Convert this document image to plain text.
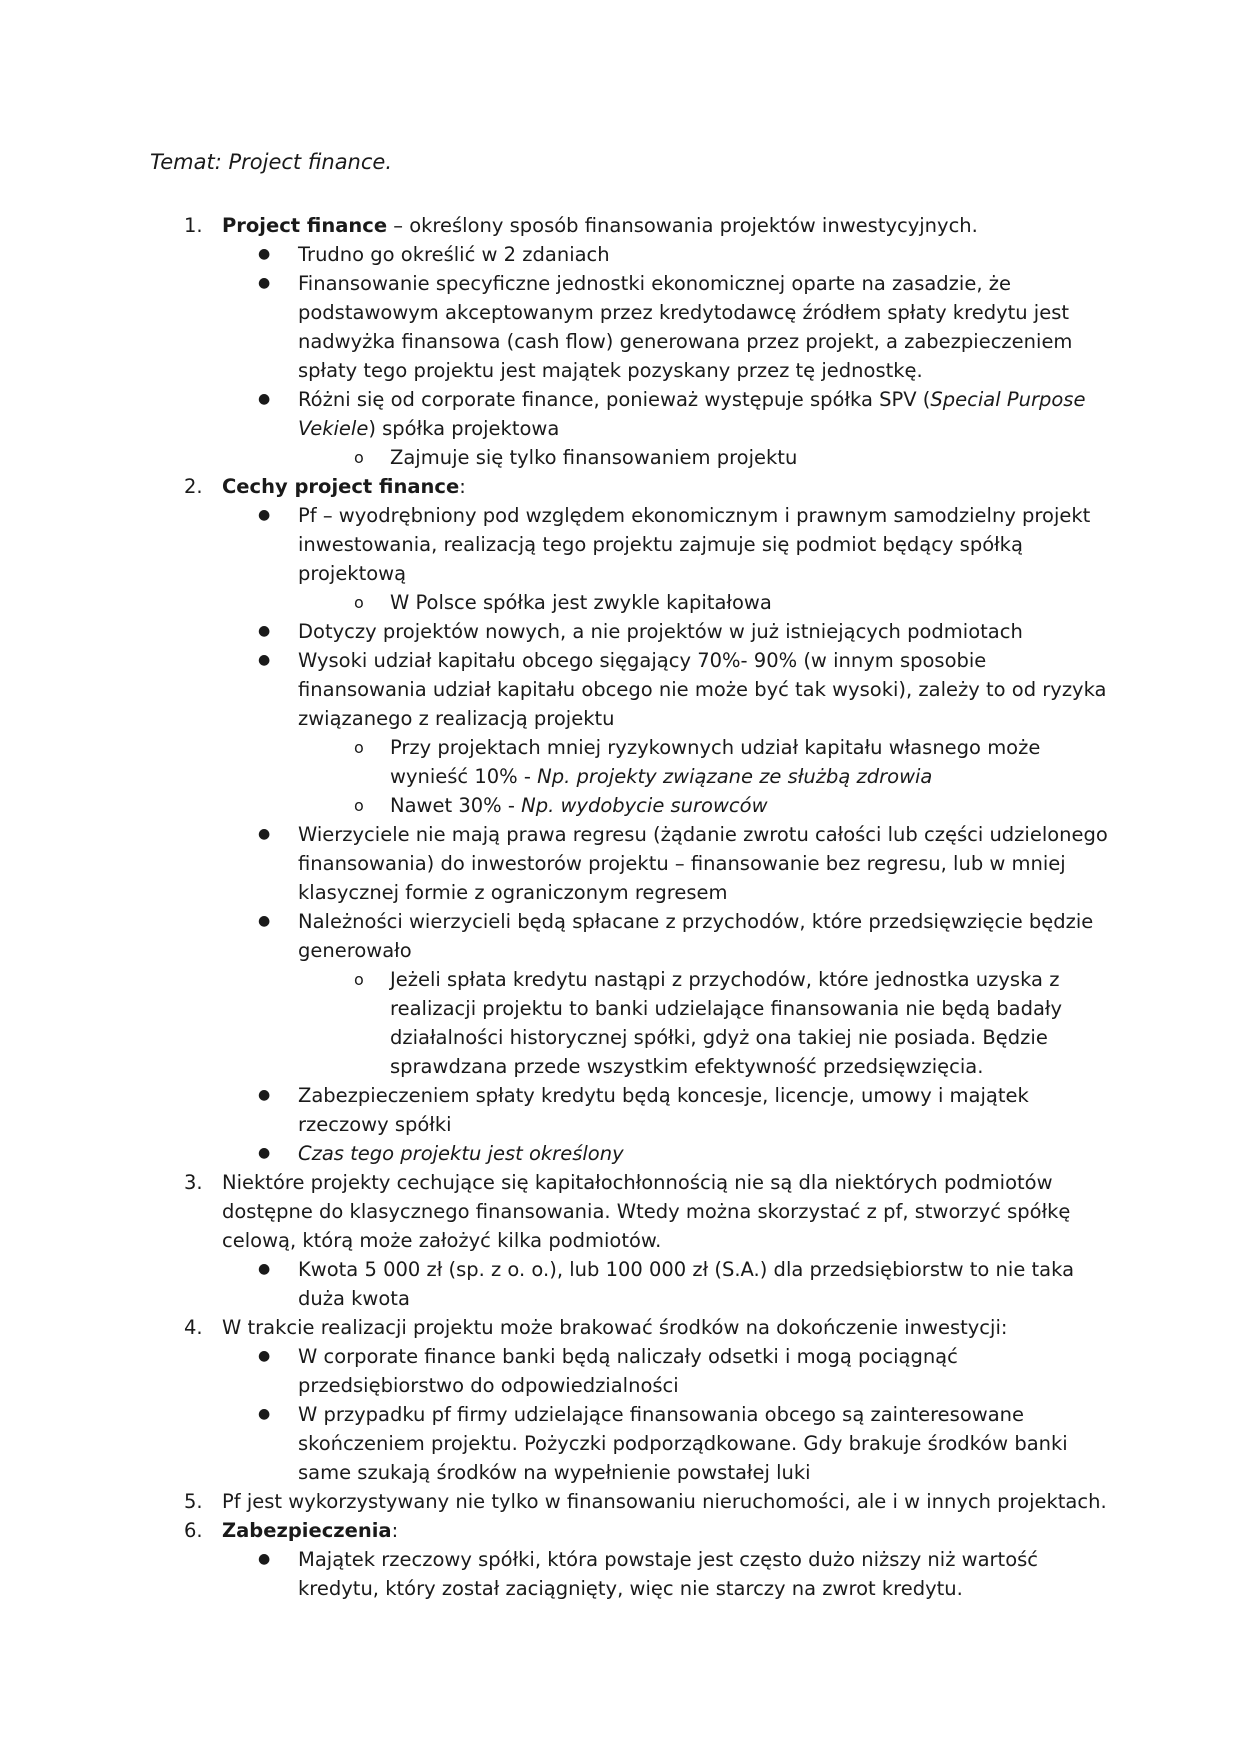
Temat: Project finance.
1. Project finance – określony sposób finansowania projektów inwestycyjnych.
● Trudno go określić w 2 zdaniach
● Finansowanie specyficzne jednostki ekonomicznej oparte na zasadzie, że podstawowym akceptowanym przez kredytodawcę źródłem spłaty kredytu jest nadwyżka finansowa (cash flow) generowana przez projekt, a zabezpieczeniem spłaty tego projektu jest majątek pozyskany przez tę jednostkę.
● Różni się od corporate finance, ponieważ występuje spółka SPV (Special Purpose Vekiele) spółka projektowa
o Zajmuje się tylko finansowaniem projektu
2. Cechy project finance:
● Pf – wyodrębniony pod względem ekonomicznym i prawnym samodzielny projekt inwestowania, realizacją tego projektu zajmuje się podmiot będący spółką projektową
o W Polsce spółka jest zwykle kapitałowa
● Dotyczy projektów nowych, a nie projektów w już istniejących podmiotach
● Wysoki udział kapitału obcego sięgający 70%- 90% (w innym sposobie finansowania udział kapitału obcego nie może być tak wysoki), zależy to od ryzyka związanego z realizacją projektu
o Przy projektach mniej ryzykownych udział kapitału własnego może wynieść 10% - Np. projekty związane ze służbą zdrowia
o Nawet 30% - Np. wydobycie surowców
● Wierzyciele nie mają prawa regresu (żądanie zwrotu całości lub części udzielonego finansowania) do inwestorów projektu – finansowanie bez regresu, lub w mniej klasycznej formie z ograniczonym regresem
● Należności wierzycieli będą spłacane z przychodów, które przedsięwzięcie będzie generowało
o Jeżeli spłata kredytu nastąpi z przychodów, które jednostka uzyska z realizacji projektu to banki udzielające finansowania nie będą badały działalności historycznej spółki, gdyż ona takiej nie posiada. Będzie sprawdzana przede wszystkim efektywność przedsięwzięcia.
● Zabezpieczeniem spłaty kredytu będą koncesje, licencje, umowy i majątek rzeczowy spółki
● Czas tego projektu jest określony
3. Niektóre projekty cechujące się kapitałochłonnością nie są dla niektórych podmiotów dostępne do klasycznego finansowania. Wtedy można skorzystać z pf, stworzyć spółkę celową, którą może założyć kilka podmiotów.
● Kwota 5 000 zł (sp. z o. o.), lub 100 000 zł (S.A.) dla przedsiębiorstw to nie taka duża kwota
4. W trakcie realizacji projektu może brakować środków na dokończenie inwestycji:
● W corporate finance banki będą naliczały odsetki i mogą pociągnąć przedsiębiorstwo do odpowiedzialności
● W przypadku pf firmy udzielające finansowania obcego są zainteresowane skończeniem projektu. Pożyczki podporządkowane. Gdy brakuje środków banki same szukają środków na wypełnienie powstałej luki
5. Pf jest wykorzystywany nie tylko w finansowaniu nieruchomości, ale i w innych projektach.
6. Zabezpieczenia:
● Majątek rzeczowy spółki, która powstaje jest często dużo niższy niż wartość kredytu, który został zaciągnięty, więc nie starczy na zwrot kredytu.
